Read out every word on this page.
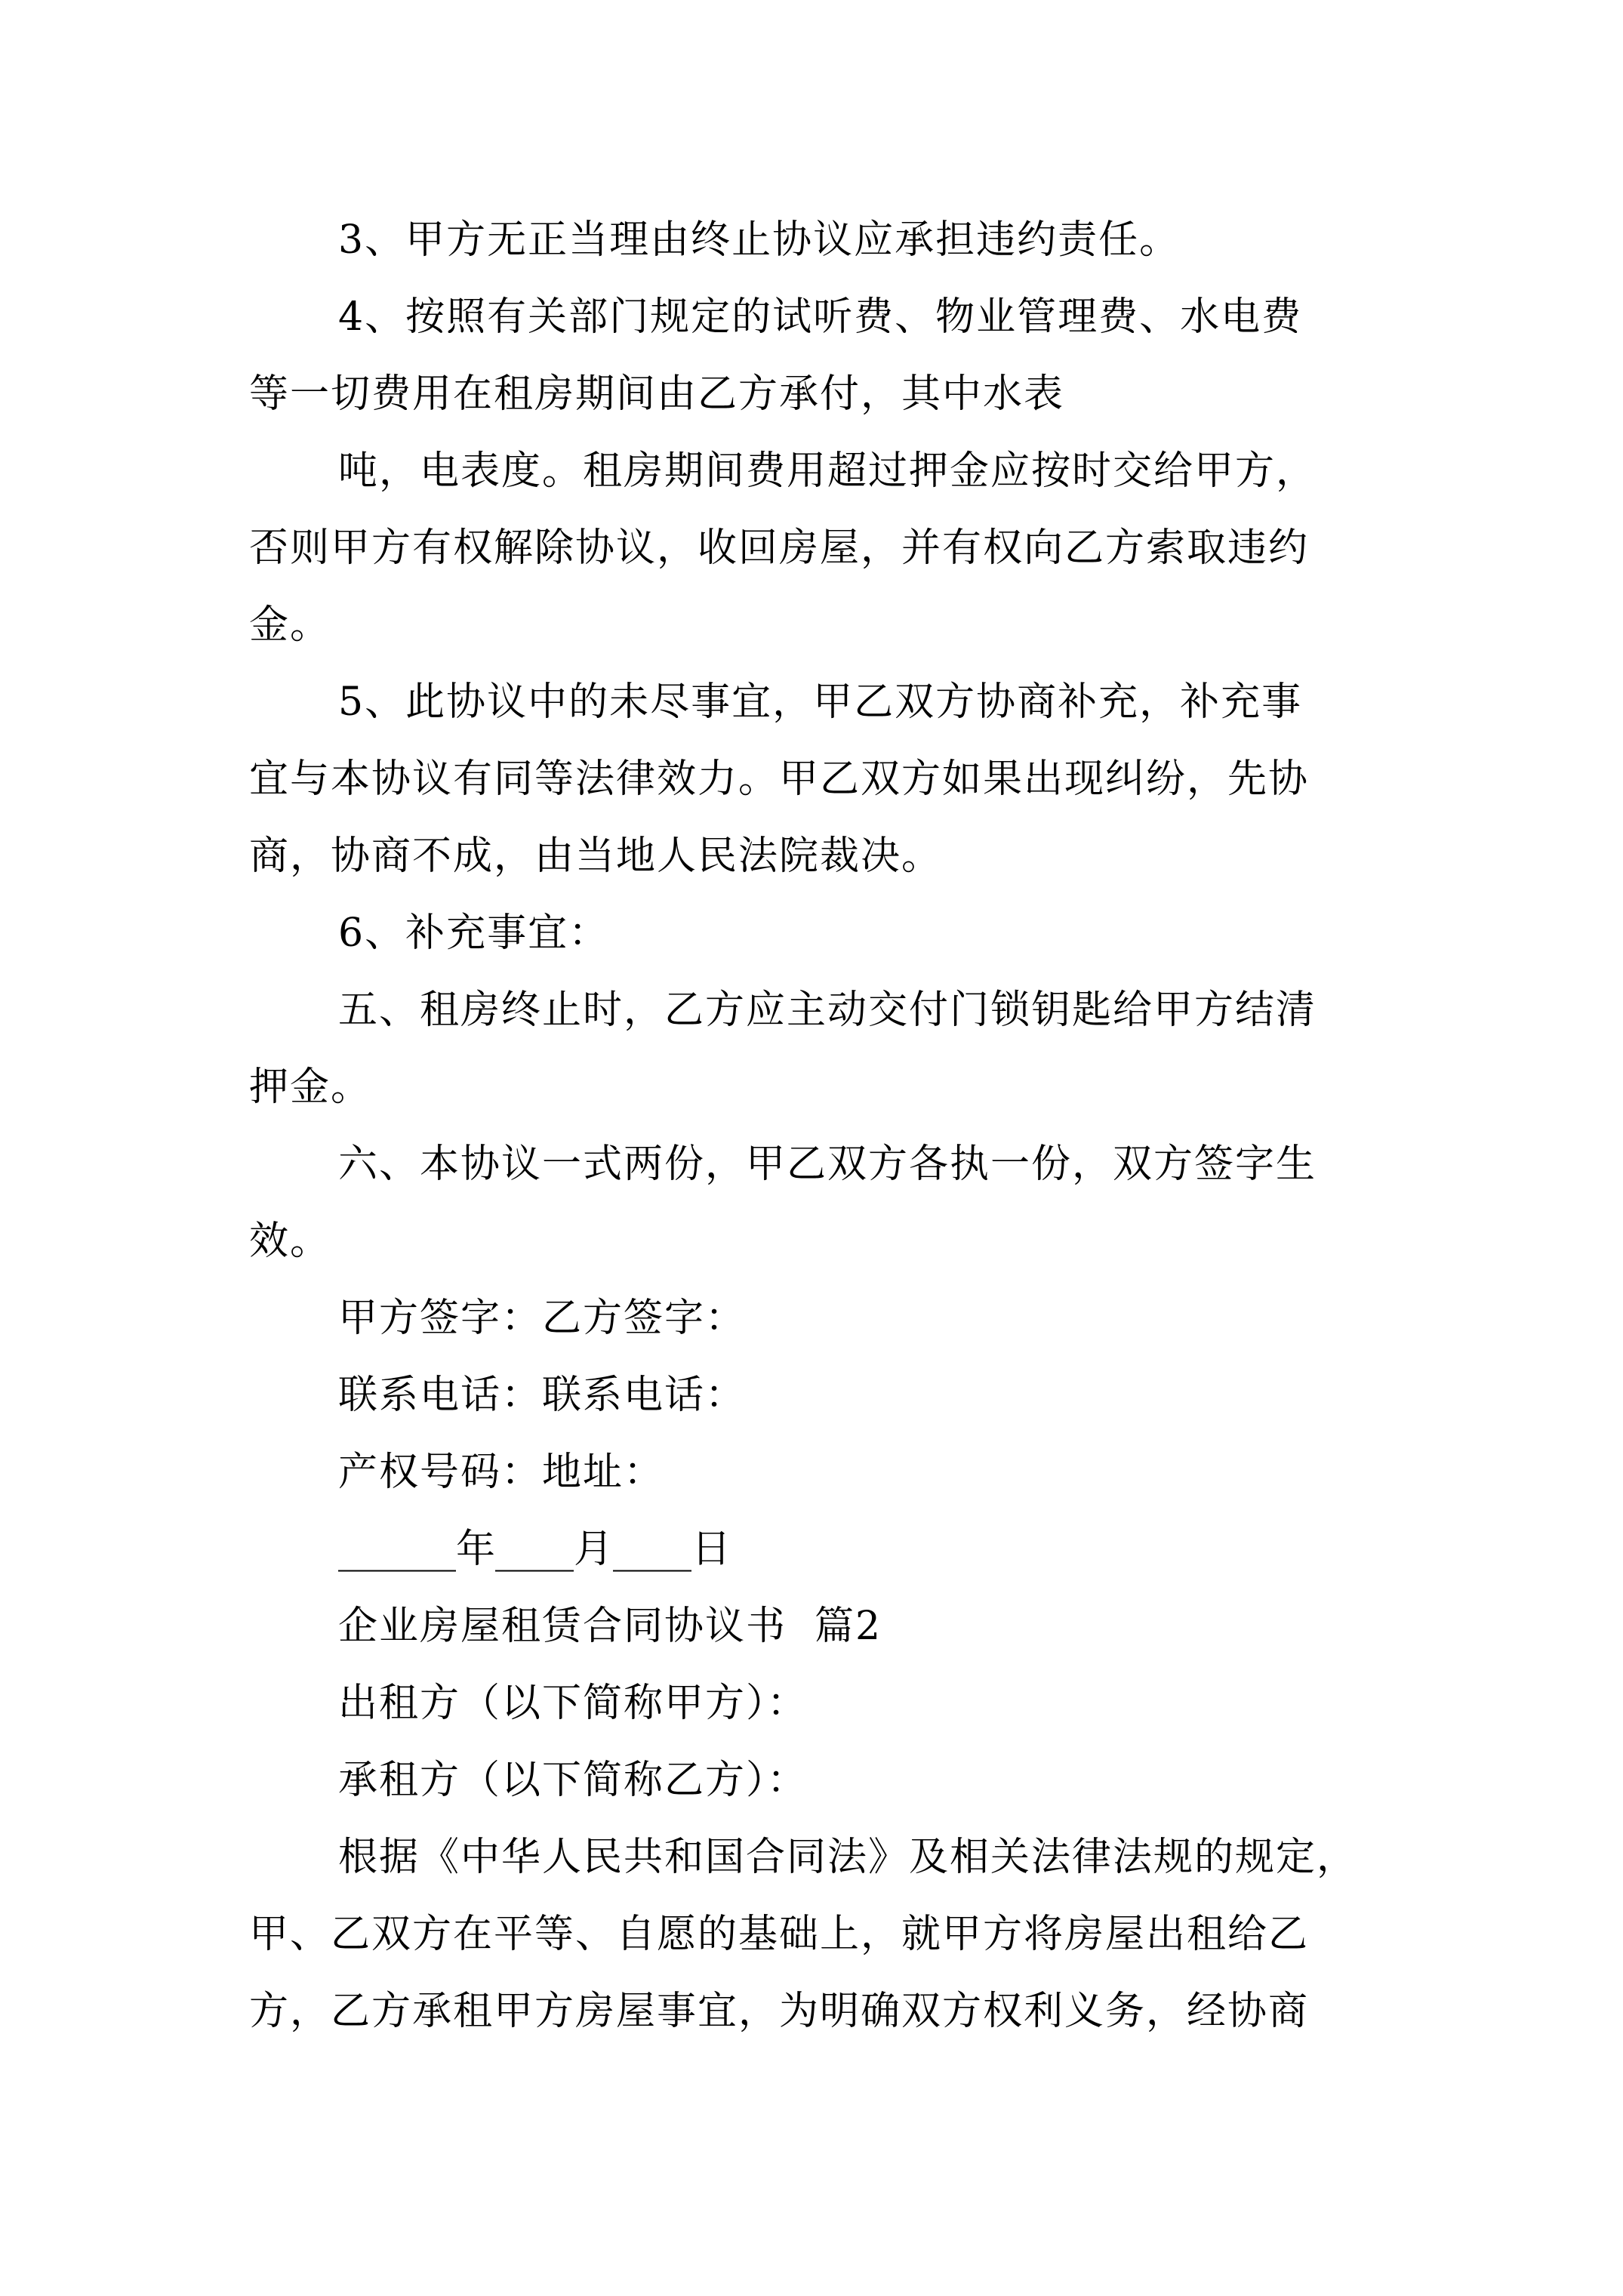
3、甲方无正当理由终止协议应承担违约责任。
4、按照有关部门规定的试听费、物业管理费、水电费
等一切费用在租房期间由乙方承付，其中水表
吨，电表度。租房期间费用超过押金应按时交给甲方，
否则甲方有权解除协议，收回房屋，并有权向乙方索取违约
金。
5、此协议中的未尽事宜，甲乙双方协商补充，补充事
宜与本协议有同等法律效力。甲乙双方如果出现纠纷，先协
商，协商不成，由当地人民法院裁决。
6、补充事宜：
五、租房终止时，乙方应主动交付门锁钥匙给甲方结清
押金。
六、本协议一式两份，甲乙双方各执一份，双方签字生
效。
甲方签字：乙方签字：
联系电话：联系电话：
产权号码：地址：
______年____月____日
企业房屋租赁合同协议书  篇2
出租方（以下简称甲方）：
承租方（以下简称乙方）：
根据《中华人民共和国合同法》及相关法律法规的规定，
甲、乙双方在平等、自愿的基础上，就甲方将房屋出租给乙
方，乙方承租甲方房屋事宜，为明确双方权利义务，经协商
